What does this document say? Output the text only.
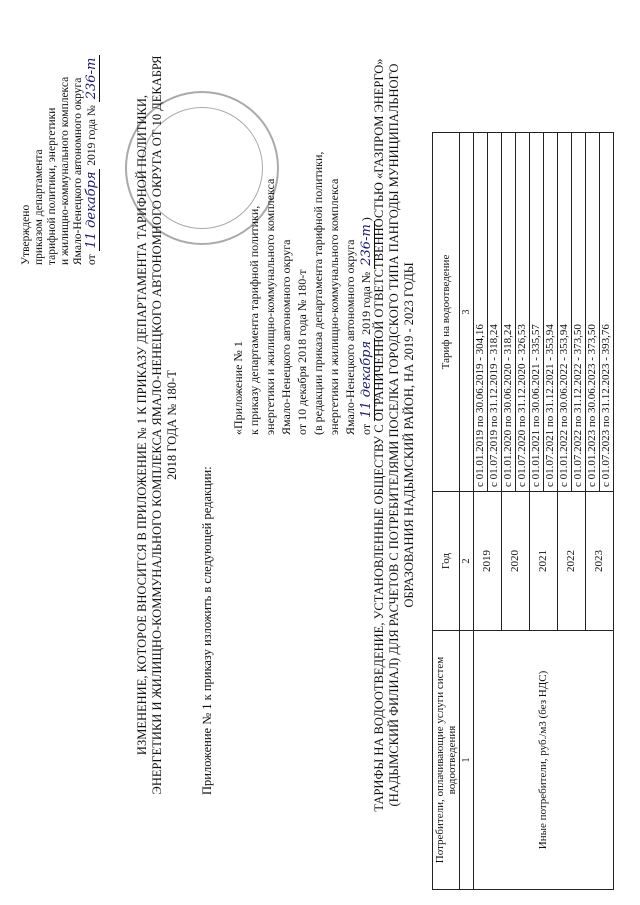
Утверждено приказом департамента тарифной политики, энергетики и жилищно-коммунального комплекса Ямало-Ненецкого автономного округа от 11 декабря 2019 года № 236-т
ИЗМЕНЕНИЕ, КОТОРОЕ ВНОСИТСЯ В ПРИЛОЖЕНИЕ № 1 К ПРИКАЗУ ДЕПАРТАМЕНТА ТАРИФНОЙ ПОЛИТИКИ, ЭНЕРГЕТИКИ И ЖИЛИЩНО-КОММУНАЛЬНОГО КОМПЛЕКСА ЯМАЛО-НЕНЕЦКОГО АВТОНОМНОГО ОКРУГА ОТ 10 ДЕКАБРЯ 2018 ГОДА № 180-Т
Приложение № 1 к приказу изложить в следующей редакции:
«Приложение № 1 к приказу департамента тарифной политики, энергетики и жилищно-коммунального комплекса Ямало-Ненецкого автономного округа от 10 декабря 2018 года № 180-т (в редакции приказа департамента тарифной политики, энергетики и жилищно-коммунального комплекса Ямало-Ненецкого автономного округа от 11 декабря 2019 года № 236-т) ТАРИФЫ НА ВОДООТВЕДЕНИЕ, УСТАНОВЛЕННЫЕ ОБЩЕСТВУ С ОГРАНИЧЕННОЙ ОТВЕТСТВЕННОСТЬЮ «ГАЗПРОМ ЭНЕРГО» (НАДЫМСКИЙ ФИЛИАЛ) ДЛЯ РАСЧЕТОВ С ПОТРЕБИТЕЛЯМИ ПОСЕЛКА ГОРОДСКОГО ТИПА ПАНГОДЫ МУНИЦИПАЛЬНОГО ОБРАЗОВАНИЯ НАДЫМСКИЙ РАЙОН, НА 2019 - 2023 ГОДЫ
Потребители, оплачивающие услуги систем водоотведения	Год	Тариф на водоотведение
1	2	3
Иные потребители, руб./м3 (без НДС)	2019	с 01.01.2019 по 30.06.2019 - 304,16
		с 01.07.2019 по 31.12.2019 - 318,24
	2020	с 01.01.2020 по 30.06.2020 - 318,24
		с 01.07.2020 по 31.12.2020 - 326,53
	2021	с 01.01.2021 по 30.06.2021 - 335,57
		с 01.07.2021 по 31.12.2021 - 353,94
	2022	с 01.01.2022 по 30.06.2022 - 353,94
		с 01.07.2022 по 31.12.2022 - 373,50
	2023	с 01.01.2023 по 30.06.2023 - 373,50
		с 01.07.2023 по 31.12.2023 - 393,76
